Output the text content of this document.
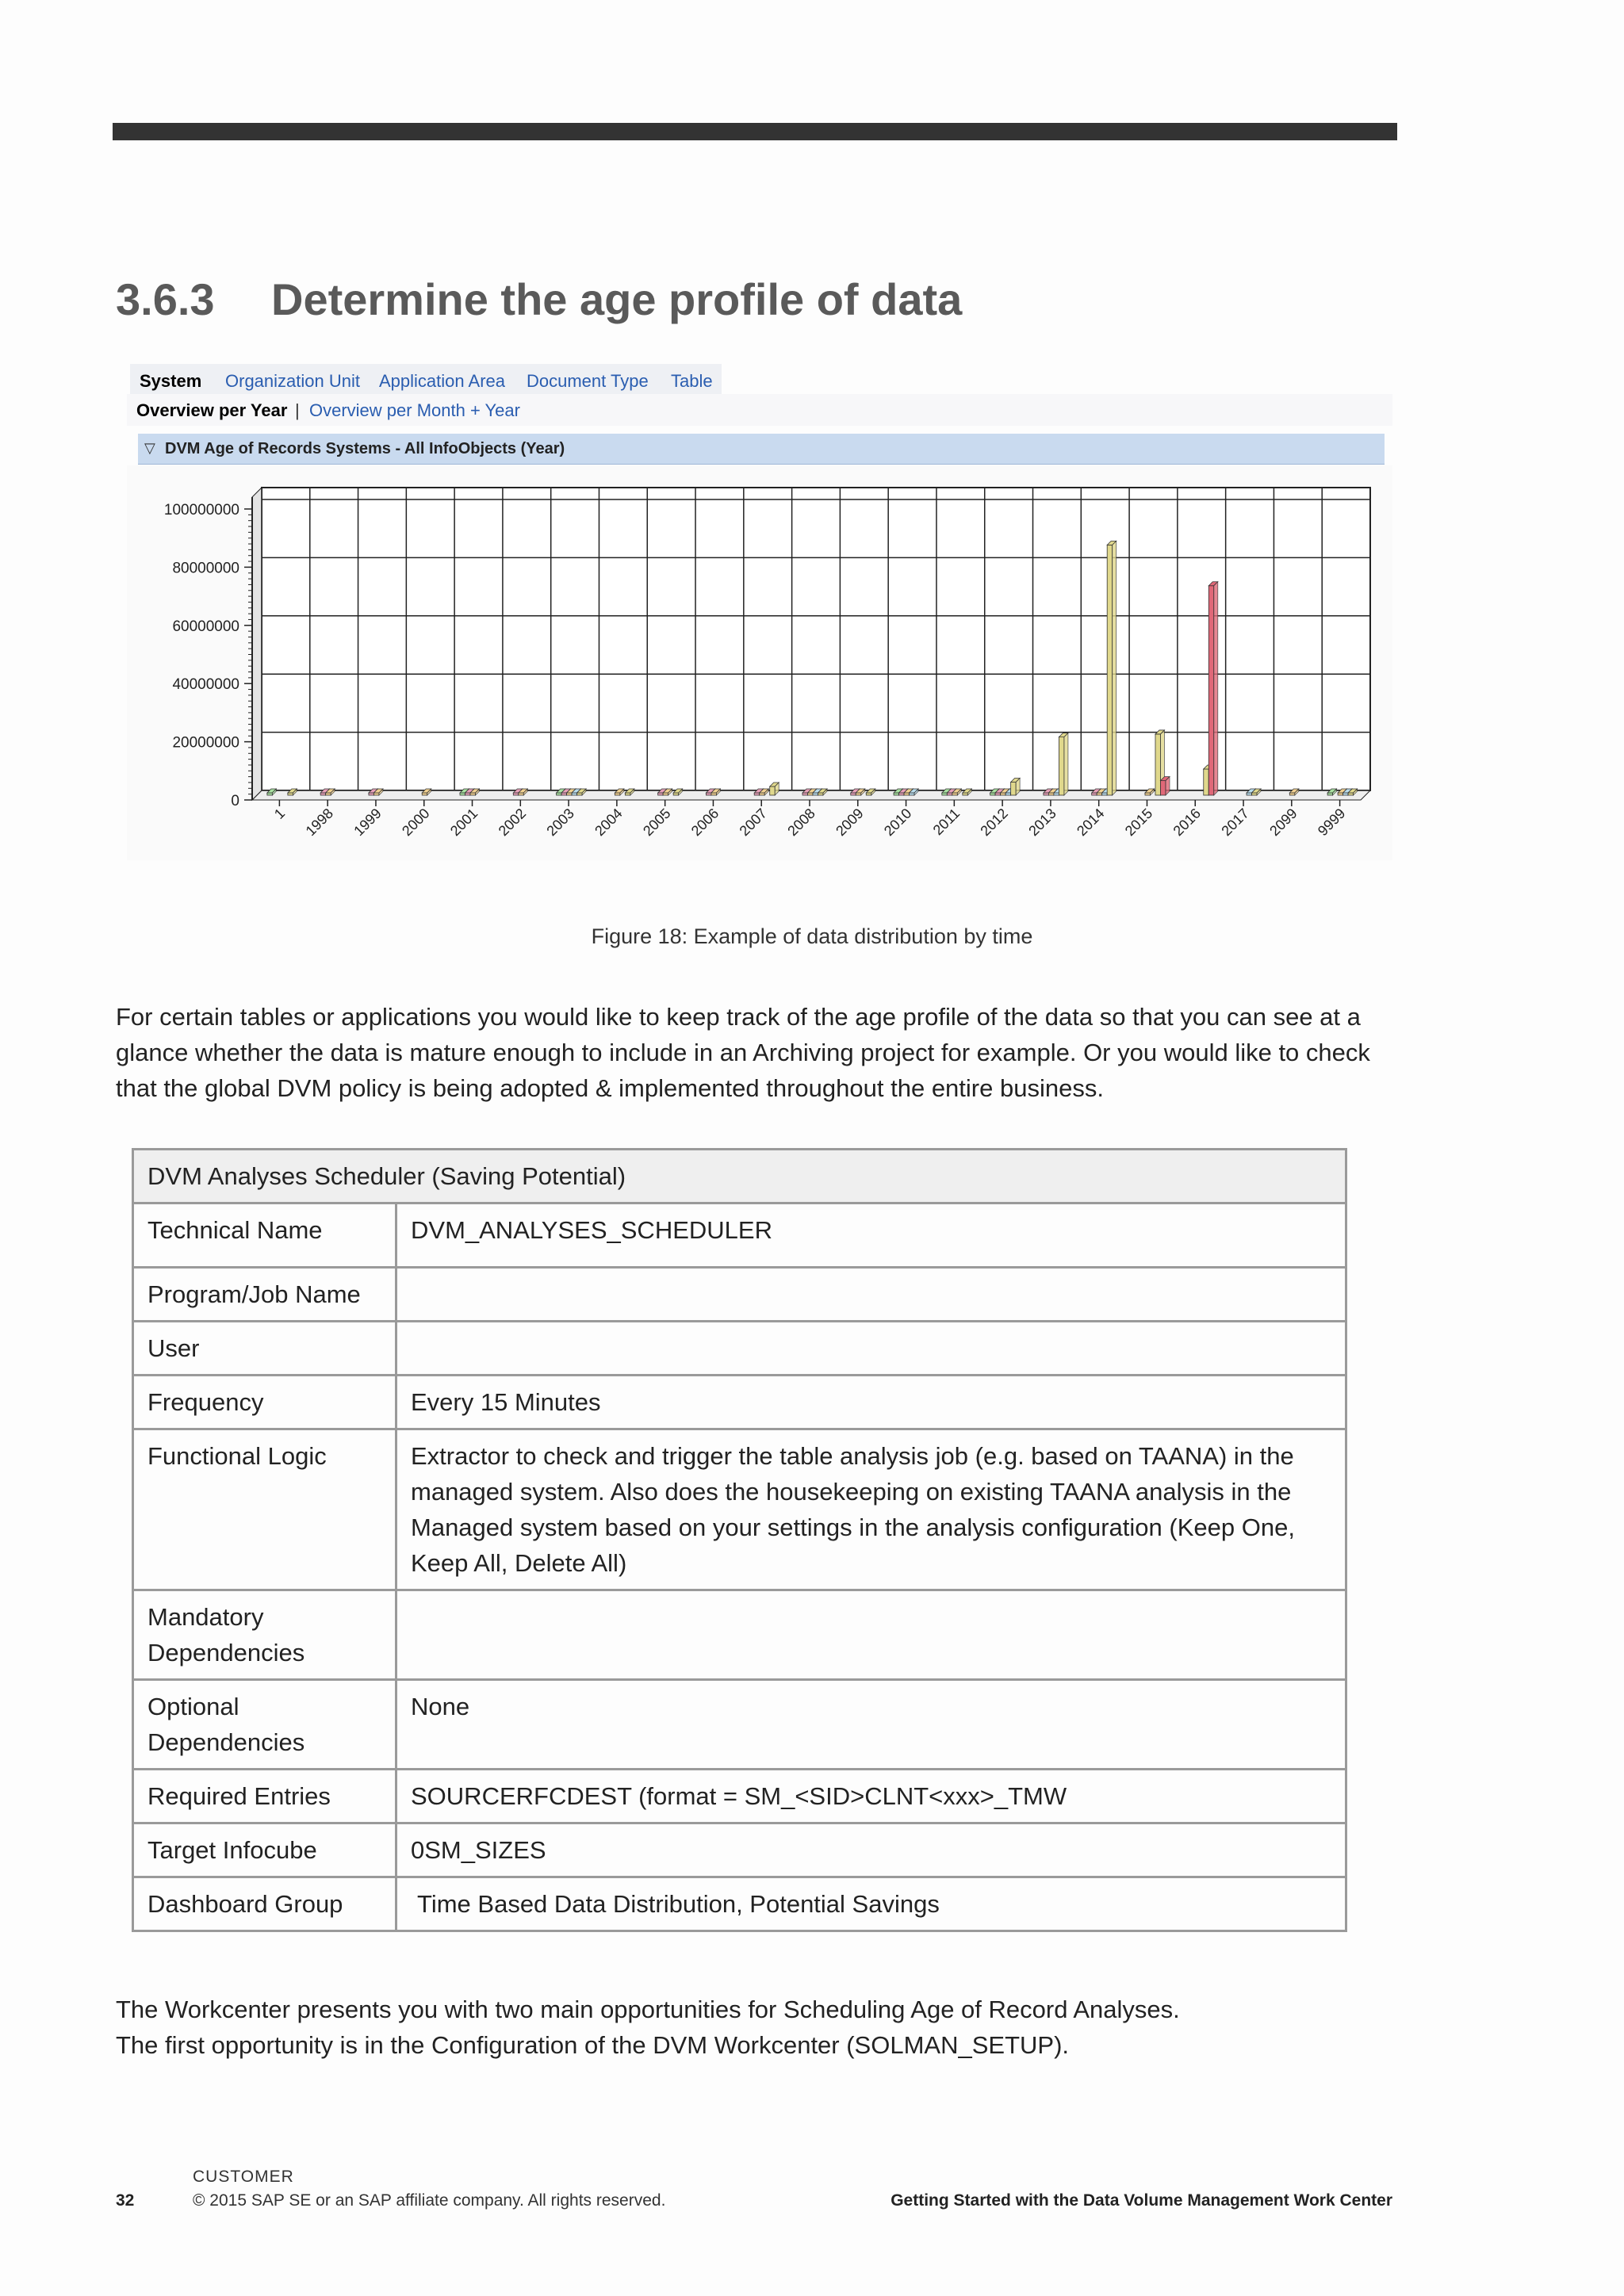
3.6.3 Determine the age profile of data
System Organization Unit Application Area Document Type Table
Overview per Year | Overview per Month + Year
▽ DVM Age of Records Systems - All InfoObjects (Year)
0
20000000
40000000
60000000
80000000
100000000
1 1998 1999 2000 2001 2002 2003 2004 2005 2006 2007 2008 2009 2010 2011 2012 2013 2014 2015 2016 2017 2099 9999
Figure 18: Example of data distribution by time

For certain tables or applications you would like to keep track of the age profile of the data so that you can see at a glance whether the data is mature enough to include in an Archiving project for example. Or you would like to check that the global DVM policy is being adopted & implemented throughout the entire business.

DVM Analyses Scheduler (Saving Potential)	
Technical Name	DVM_ANALYSES_SCHEDULER
Program/Job Name	
User	
Frequency	Every 15 Minutes
Functional Logic	Extractor to check and trigger the table analysis job (e.g. based on TAANA) in the managed system. Also does the housekeeping on existing TAANA analysis in the Managed system based on your settings in the analysis configuration (Keep One, Keep All, Delete All)
Mandatory Dependencies	
Optional Dependencies	None
Required Entries	SOURCERFCDEST (format = SM_<SID>CLNT<xxx>_TMW
Target Infocube	0SM_SIZES
Dashboard Group	Time Based Data Distribution, Potential Savings

The Workcenter presents you with two main opportunities for Scheduling Age of Record Analyses.

The first opportunity is in the Configuration of the DVM Workcenter (SOLMAN_SETUP).

CUSTOMER
32	© 2015 SAP SE or an SAP affiliate company. All rights reserved.	Getting Started with the Data Volume Management Work Center
